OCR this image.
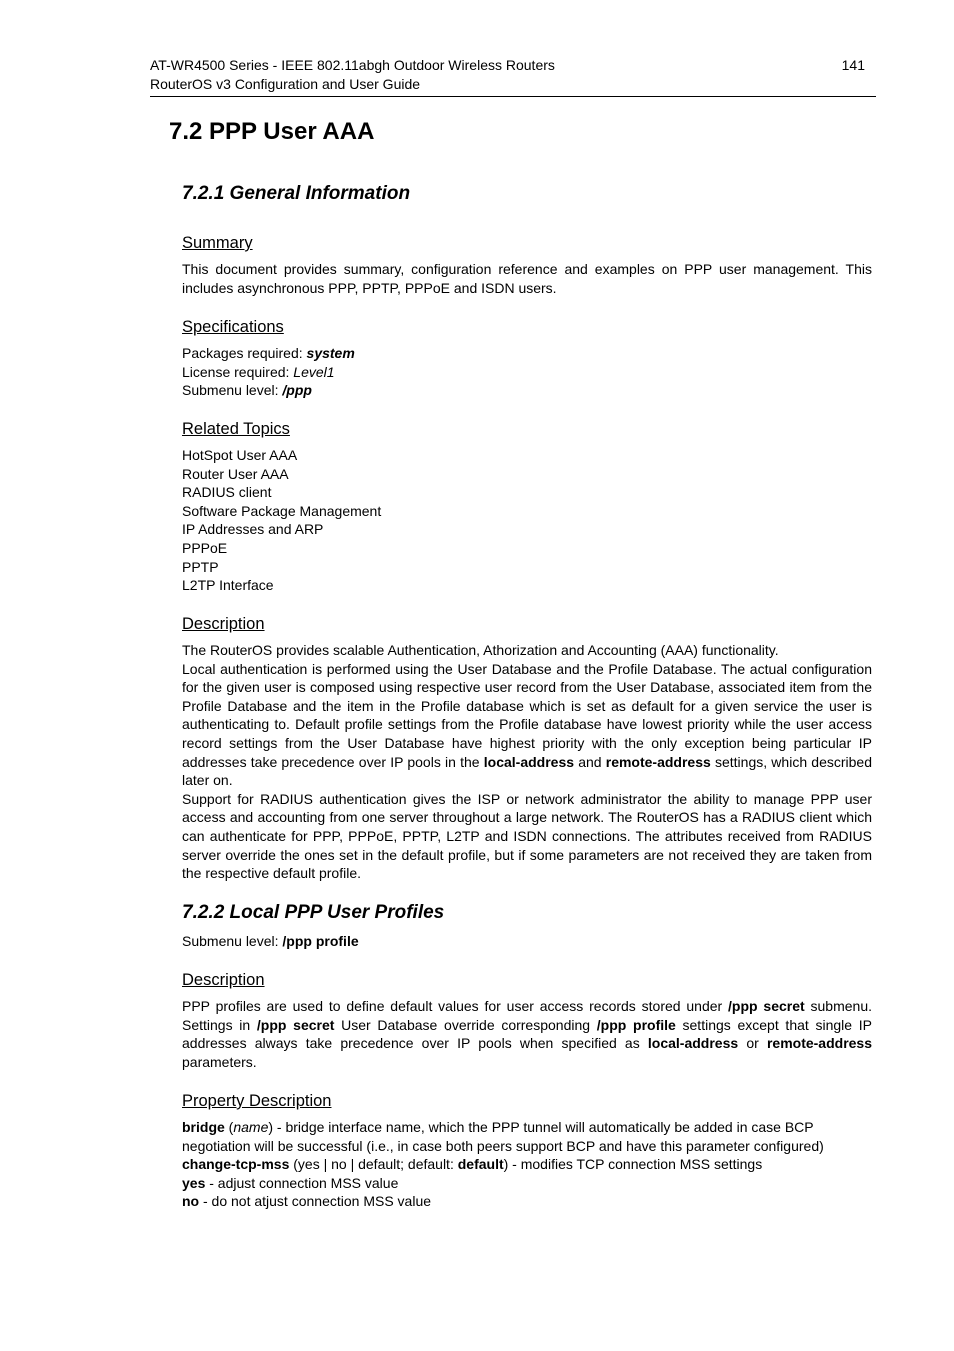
AT-WR4500 Series - IEEE 802.11abgh Outdoor Wireless Routers
RouterOS v3 Configuration and User Guide
141
7.2 PPP User AAA
7.2.1 General Information
Summary

This document provides summary, configuration reference and examples on PPP user management. This includes asynchronous PPP, PPTP, PPPoE and ISDN users.

Specifications
Packages required: system
License required: Level1
Submenu level: /ppp
Related Topics
HotSpot User AAA
Router User AAA
RADIUS client
Software Package Management
IP Addresses and ARP
PPPoE
PPTP
L2TP Interface
Description
The RouterOS provides scalable Authentication, Athorization and Accounting (AAA) functionality.
Local authentication is performed using the User Database and the Profile Database. The actual configuration for the given user is composed using respective user record from the User Database, associated item from the Profile Database and the item in the Profile database which is set as default for a given service the user is authenticating to. Default profile settings from the Profile database have lowest priority while the user access record settings from the User Database have highest priority with the only exception being particular IP addresses take precedence over IP pools in the local-address and remote-address settings, which described later on.
Support for RADIUS authentication gives the ISP or network administrator the ability to manage PPP user access and accounting from one server throughout a large network. The RouterOS has a RADIUS client which can authenticate for PPP, PPPoE, PPTP, L2TP and ISDN connections. The attributes received from RADIUS server override the ones set in the default profile, but if some parameters are not received they are taken from the respective default profile.
7.2.2 Local PPP User Profiles
Submenu level: /ppp profile
Description
PPP profiles are used to define default values for user access records stored under /ppp secret submenu. Settings in /ppp secret User Database override corresponding /ppp profile settings except that single IP addresses always take precedence over IP pools when specified as local-address or remote-address parameters.
Property Description
bridge (name) - bridge interface name, which the PPP tunnel will automatically be added in case BCP negotiation will be successful (i.e., in case both peers support BCP and have this parameter configured)
change-tcp-mss (yes | no | default; default: default) - modifies TCP connection MSS settings
yes - adjust connection MSS value
no - do not atjust connection MSS value
